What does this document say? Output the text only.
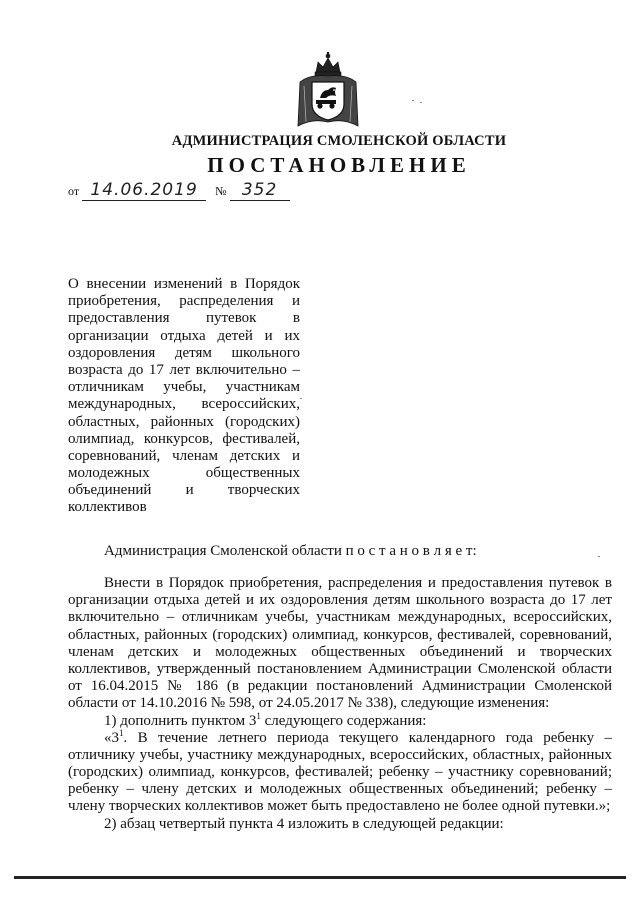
АДМИНИСТРАЦИЯ СМОЛЕНСКОЙ ОБЛАСТИ
ПОСТАНОВЛЕНИЕ
от 14.06.2019 № 352
О внесении изменений в Порядок
приобретения, распределения и
предоставления путевок в
организации отдыха детей и их
оздоровления детям школьного
возраста до 17 лет включительно –
отличникам учебы, участникам
международных, всероссийских,
областных, районных (городских)
олимпиад, конкурсов, фестивалей,
соревнований, членам детских и
молодежных общественных
объединений и творческих
коллективов
Администрация Смоленской области п о с т а н о в л я е т:
Внести в Порядок приобретения, распределения и предоставления путевок в
организации отдыха детей и их оздоровления детям школьного возраста до 17 лет
включительно – отличникам учебы, участникам международных, всероссийских,
областных, районных (городских) олимпиад, конкурсов, фестивалей, соревнований,
членам детских и молодежных общественных объединений и творческих
коллективов, утвержденный постановлением Администрации Смоленской области
от 16.04.2015 № 186 (в редакции постановлений Администрации Смоленской
области от 14.10.2016 № 598, от 24.05.2017 № 338), следующие изменения:
1) дополнить пунктом $3^1$ следующего содержания:
«$3^1$. В течение летнего периода текущего календарного года ребенку –
отличнику учебы, участнику международных, всероссийских, областных, районных
(городских) олимпиад, конкурсов, фестивалей; ребенку – участнику соревнований;
ребенку – члену детских и молодежных общественных объединений; ребенку –
члену творческих коллективов может быть предоставлено не более одной путевки.»;
2) абзац четвертый пункта 4 изложить в следующей редакции:
